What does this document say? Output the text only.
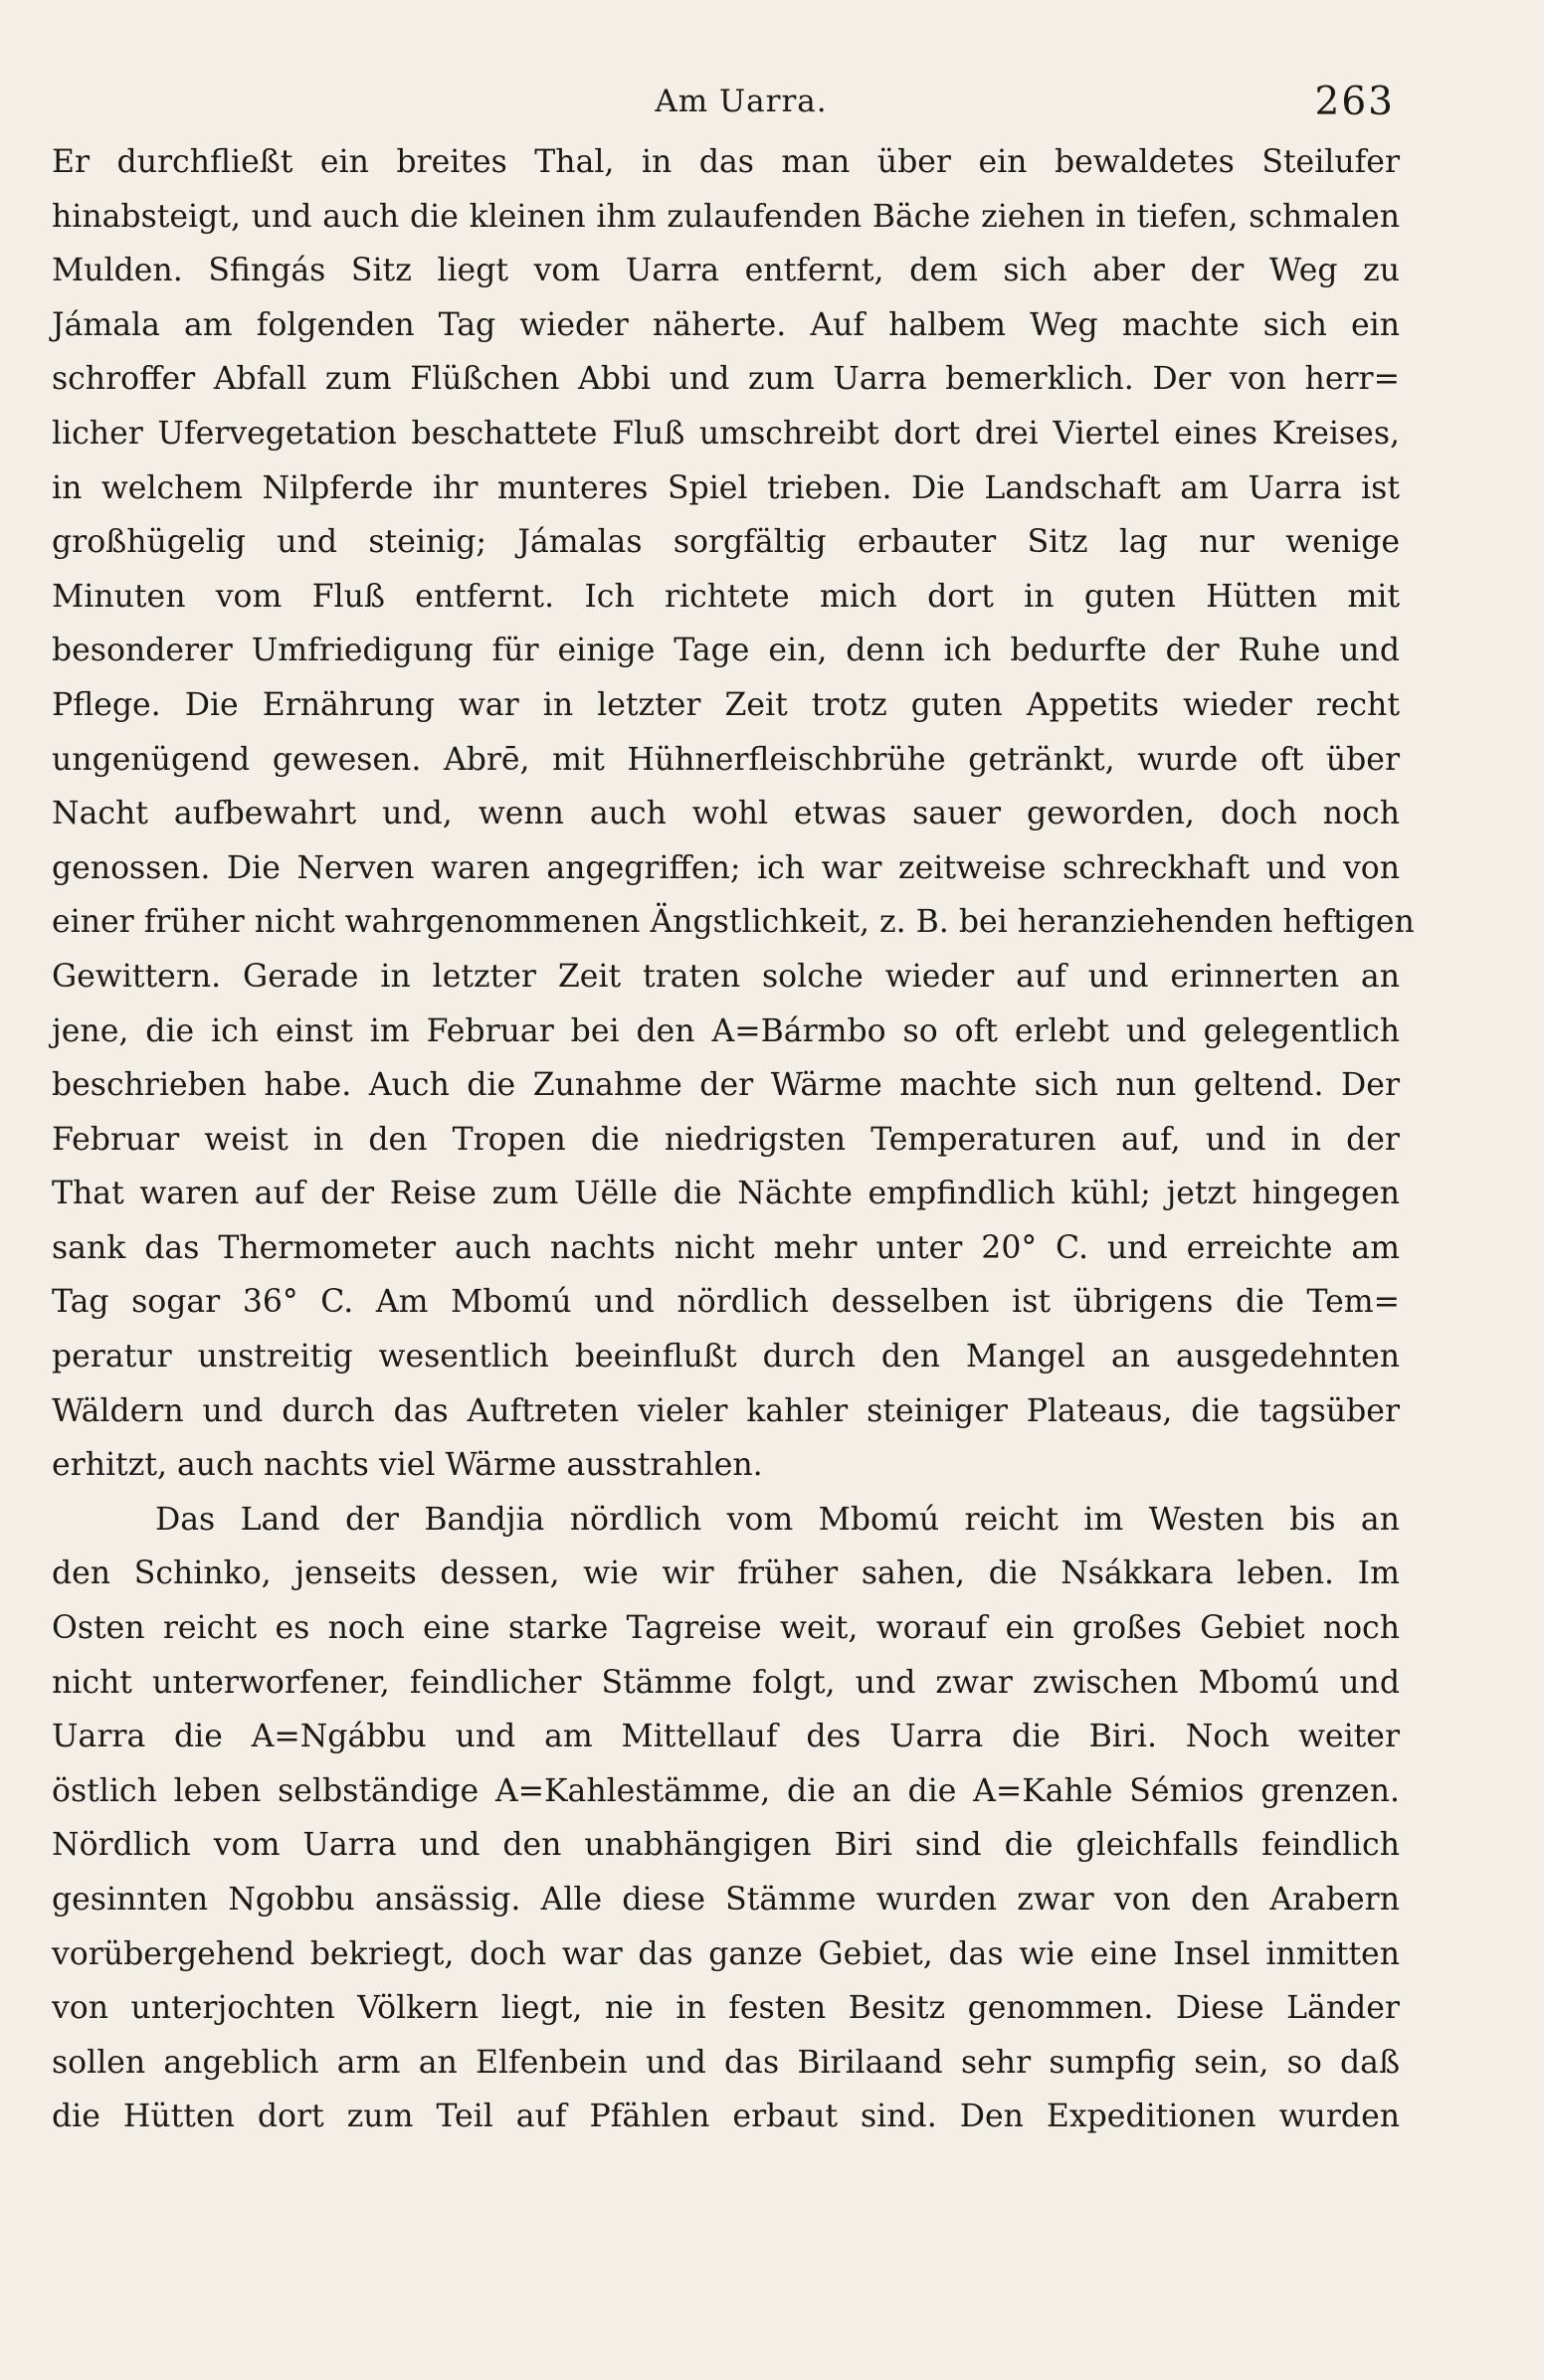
Am Uarra.	263
Er durchfließt ein breites Thal, in das man über ein bewaldetes Steilufer
hinabsteigt, und auch die kleinen ihm zulaufenden Bäche ziehen in tiefen, schmalen
Mulden. Sfingás Sitz liegt vom Uarra entfernt, dem sich aber der Weg zu
Jámala am folgenden Tag wieder näherte. Auf halbem Weg machte sich ein
schroffer Abfall zum Flüßchen Abbi und zum Uarra bemerklich. Der von herr=
licher Ufervegetation beschattete Fluß umschreibt dort drei Viertel eines Kreises,
in welchem Nilpferde ihr munteres Spiel trieben. Die Landschaft am Uarra ist
großhügelig und steinig; Jámalas sorgfältig erbauter Sitz lag nur wenige
Minuten vom Fluß entfernt. Ich richtete mich dort in guten Hütten mit
besonderer Umfriedigung für einige Tage ein, denn ich bedurfte der Ruhe und
Pflege. Die Ernährung war in letzter Zeit trotz guten Appetits wieder recht
ungenügend gewesen. Abrē, mit Hühnerfleischbrühe getränkt, wurde oft über
Nacht aufbewahrt und, wenn auch wohl etwas sauer geworden, doch noch
genossen. Die Nerven waren angegriffen; ich war zeitweise schreckhaft und von
einer früher nicht wahrgenommenen Ängstlichkeit, z. B. bei heranziehenden heftigen
Gewittern. Gerade in letzter Zeit traten solche wieder auf und erinnerten an
jene, die ich einst im Februar bei den A=Bármbo so oft erlebt und gelegentlich
beschrieben habe. Auch die Zunahme der Wärme machte sich nun geltend. Der
Februar weist in den Tropen die niedrigsten Temperaturen auf, und in der
That waren auf der Reise zum Uëlle die Nächte empfindlich kühl; jetzt hingegen
sank das Thermometer auch nachts nicht mehr unter 20° C. und erreichte am
Tag sogar 36° C. Am Mbomú und nördlich desselben ist übrigens die Tem=
peratur unstreitig wesentlich beeinflußt durch den Mangel an ausgedehnten
Wäldern und durch das Auftreten vieler kahler steiniger Plateaus, die tagsüber
erhitzt, auch nachts viel Wärme ausstrahlen.
Das Land der Bandjia nördlich vom Mbomú reicht im Westen bis an
den Schinko, jenseits dessen, wie wir früher sahen, die Nsákkara leben. Im
Osten reicht es noch eine starke Tagreise weit, worauf ein großes Gebiet noch
nicht unterworfener, feindlicher Stämme folgt, und zwar zwischen Mbomú und
Uarra die A=Ngábbu und am Mittellauf des Uarra die Biri. Noch weiter
östlich leben selbständige A=Kahlestämme, die an die A=Kahle Sémios grenzen.
Nördlich vom Uarra und den unabhängigen Biri sind die gleichfalls feindlich
gesinnten Ngobbu ansässig. Alle diese Stämme wurden zwar von den Arabern
vorübergehend bekriegt, doch war das ganze Gebiet, das wie eine Insel inmitten
von unterjochten Völkern liegt, nie in festen Besitz genommen. Diese Länder
sollen angeblich arm an Elfenbein und das Birilaand sehr sumpfig sein, so daß
die Hütten dort zum Teil auf Pfählen erbaut sind. Den Expeditionen wurden
